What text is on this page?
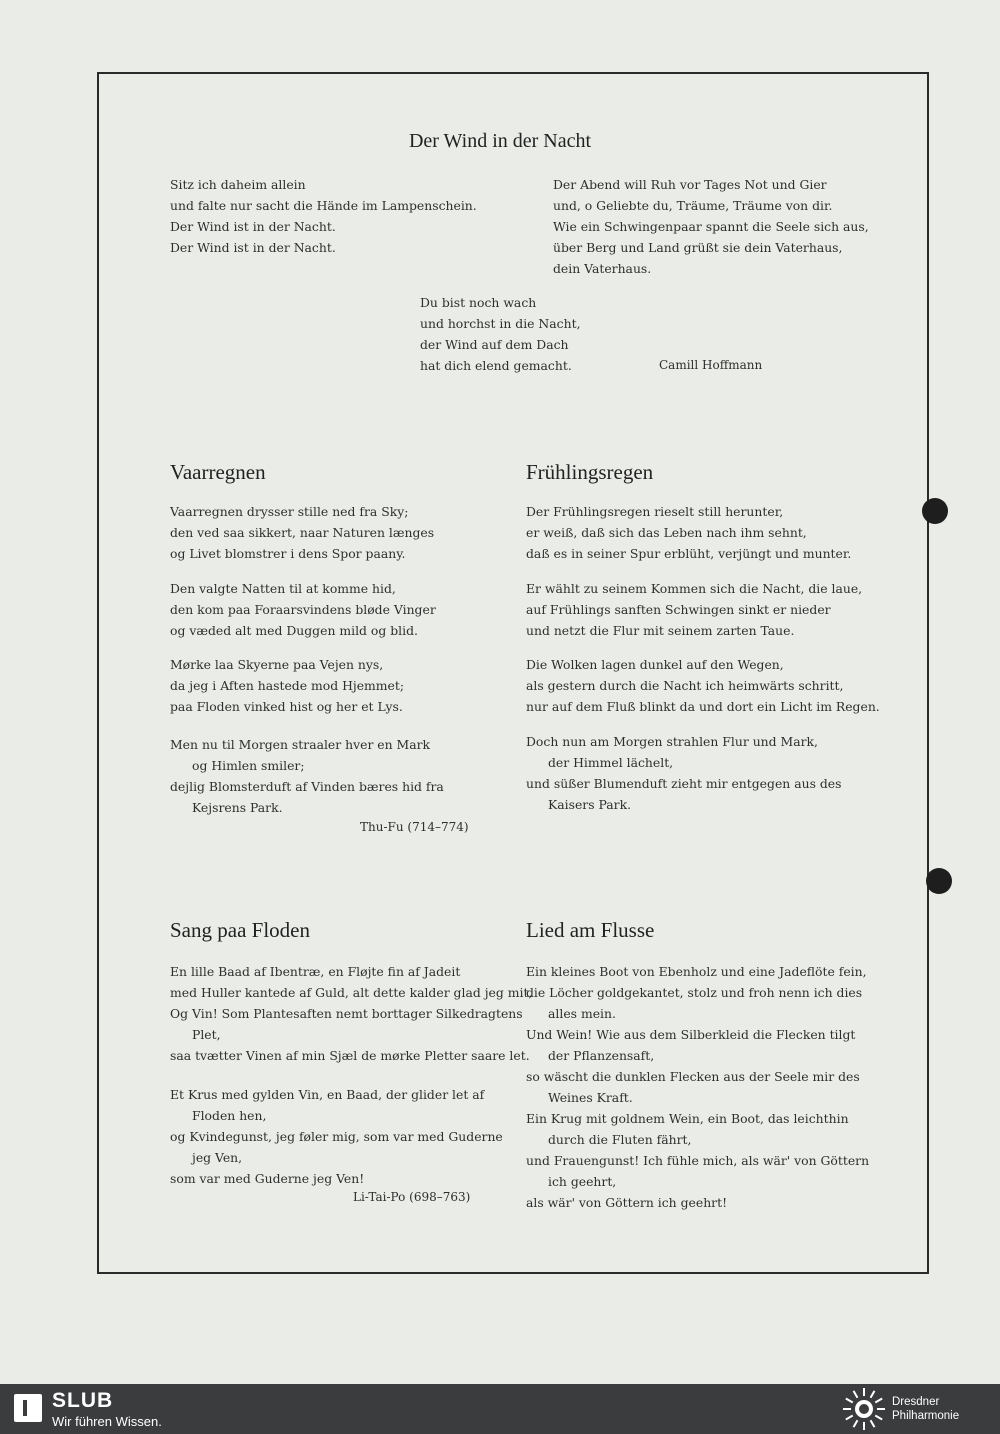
Der Wind in der Nacht
Sitz ich daheim allein
und falte nur sacht die Hände im Lampenschein.
Der Wind ist in der Nacht.
Der Wind ist in der Nacht.
Der Abend will Ruh vor Tages Not und Gier
und, o Geliebte du, Träume, Träume von dir.
Wie ein Schwingenpaar spannt die Seele sich aus,
über Berg und Land grüßt sie dein Vaterhaus,
dein Vaterhaus.
Du bist noch wach
und horchst in die Nacht,
der Wind auf dem Dach
hat dich elend gemacht.	Camill Hoffmann
Vaarregnen	Frühlingsregen
Vaarregnen drysser stille ned fra Sky;
den ved saa sikkert, naar Naturen længes
og Livet blomstrer i dens Spor paany.
Den valgte Natten til at komme hid,
den kom paa Foraarsvindens bløde Vinger
og væded alt med Duggen mild og blid.
Mørke laa Skyerne paa Vejen nys,
da jeg i Aften hastede mod Hjemmet;
paa Floden vinked hist og her et Lys.
Men nu til Morgen straaler hver en Mark
og Himlen smiler;
dejlig Blomsterduft af Vinden bæres hid fra
Kejsrens Park.
Thu-Fu (714–774)
Der Frühlingsregen rieselt still herunter,
er weiß, daß sich das Leben nach ihm sehnt,
daß es in seiner Spur erblüht, verjüngt und munter.
Er wählt zu seinem Kommen sich die Nacht, die laue,
auf Frühlings sanften Schwingen sinkt er nieder
und netzt die Flur mit seinem zarten Taue.
Die Wolken lagen dunkel auf den Wegen,
als gestern durch die Nacht ich heimwärts schritt,
nur auf dem Fluß blinkt da und dort ein Licht im Regen.
Doch nun am Morgen strahlen Flur und Mark,
der Himmel lächelt,
und süßer Blumenduft zieht mir entgegen aus des
Kaisers Park.
Sang paa Floden	Lied am Flusse
En lille Baad af Ibentræ, en Fløjte fin af Jadeit
med Huller kantede af Guld, alt dette kalder glad jeg mit,
Og Vin! Som Plantesaften nemt borttager Silkedragtens
Plet,
saa tvætter Vinen af min Sjæl de mørke Pletter saare let.
Et Krus med gylden Vin, en Baad, der glider let af
Floden hen,
og Kvindegunst, jeg føler mig, som var med Guderne
jeg Ven,
som var med Guderne jeg Ven!
Li-Tai-Po (698–763)
Ein kleines Boot von Ebenholz und eine Jadeflöte fein,
die Löcher goldgekantet, stolz und froh nenn ich dies
alles mein.
Und Wein! Wie aus dem Silberkleid die Flecken tilgt
der Pflanzensaft,
so wäscht die dunklen Flecken aus der Seele mir des
Weines Kraft.
Ein Krug mit goldnem Wein, ein Boot, das leichthin
durch die Fluten fährt,
und Frauengunst! Ich fühle mich, als wär' von Göttern
ich geehrt,
als wär' von Göttern ich geehrt!
SLUB
Wir führen Wissen.
Dresdner
Philharmonie
